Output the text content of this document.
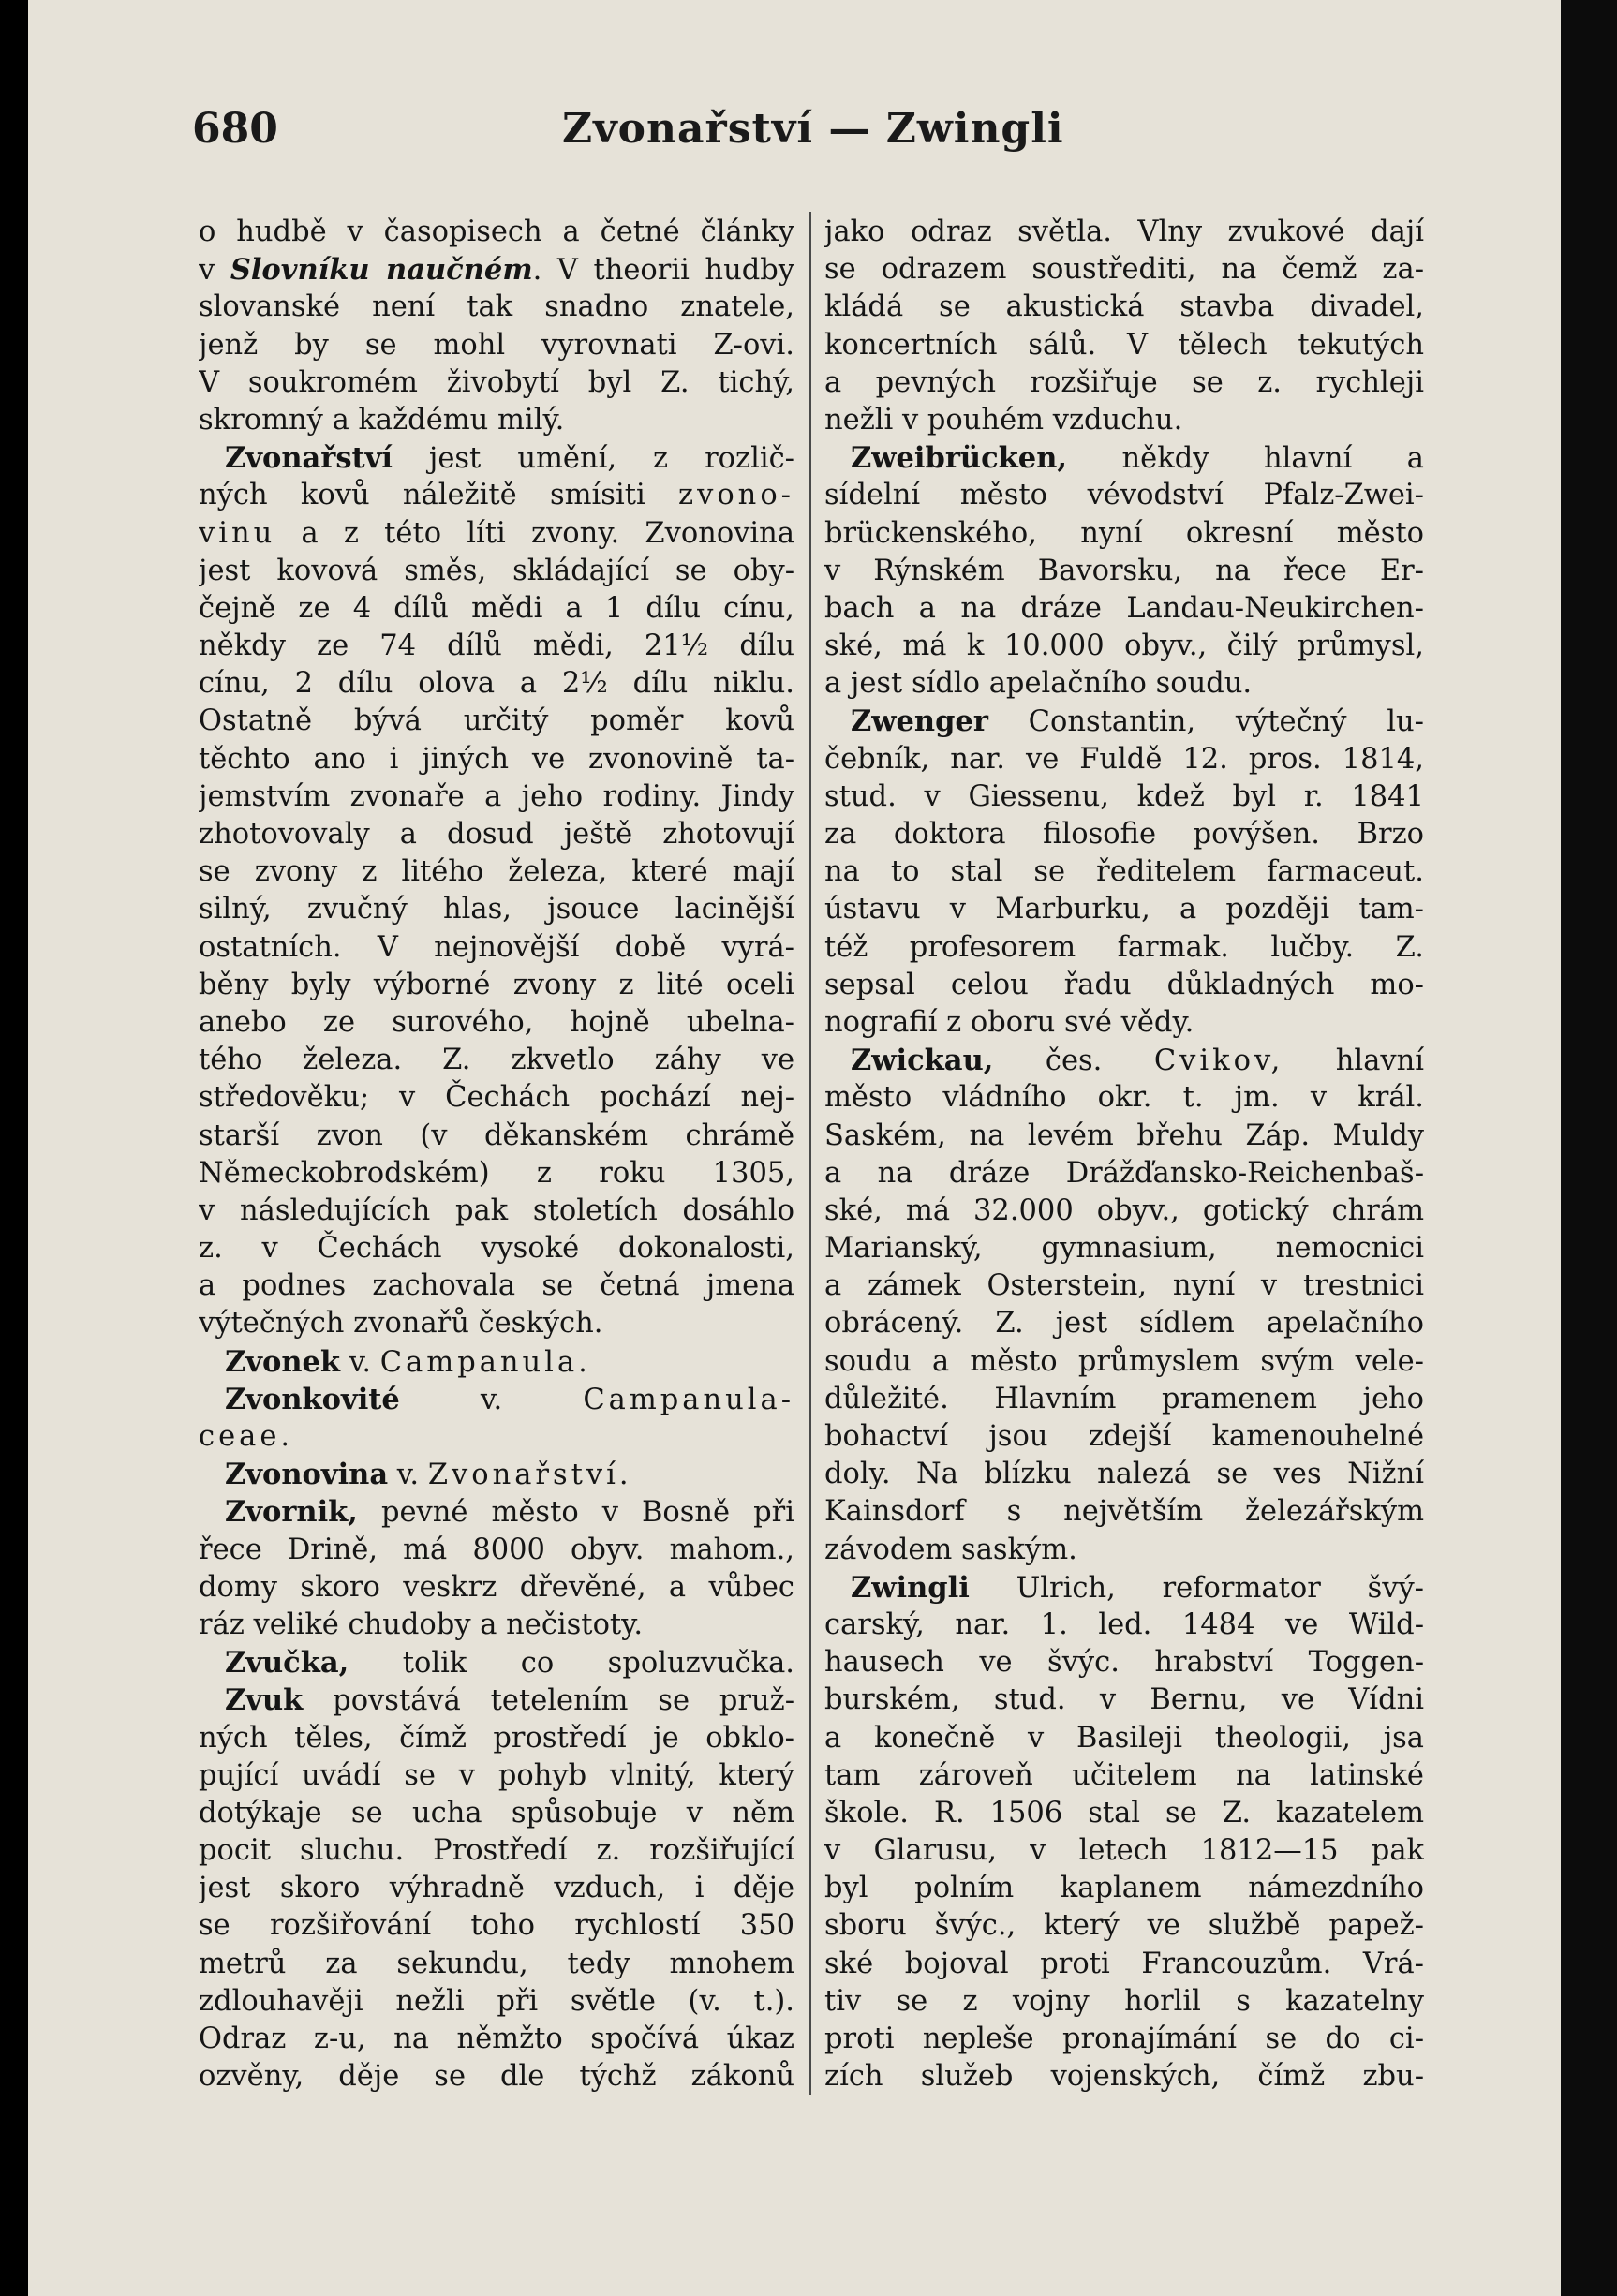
680	Zvonařství — Zwingli
o hudbě v časopisech a četné články
v Slovníku naučném. V theorii hudby
slovanské není tak snadno znatele,
jenž by se mohl vyrovnati Z-ovi.
V soukromém živobytí byl Z. tichý,
skromný a každému milý.
Zvonařství jest umění, z rozlič-
ných kovů náležitě smísiti zvono-
vinu a z této líti zvony. Zvonovina
jest kovová směs, skládající se oby-
čejně ze 4 dílů mědi a 1 dílu cínu,
někdy ze 74 dílů mědi, 21½ dílu
cínu, 2 dílu olova a 2½ dílu niklu.
Ostatně bývá určitý poměr kovů
těchto ano i jiných ve zvonovině ta-
jemstvím zvonaře a jeho rodiny. Jindy
zhotovovaly a dosud ještě zhotovují
se zvony z litého železa, které mají
silný, zvučný hlas, jsouce lacinější
ostatních. V nejnovější době vyrá-
běny byly výborné zvony z lité oceli
anebo ze surového, hojně ubelna-
tého železa. Z. zkvetlo záhy ve
středověku; v Čechách pochází nej-
starší zvon (v děkanském chrámě
Německobrodském) z roku 1305,
v následujících pak stoletích dosáhlo
z. v Čechách vysoké dokonalosti,
a podnes zachovala se četná jmena
výtečných zvonařů českých.
Zvonek v. Campanula.
Zvonkovité v. Campanula-
ceae.
Zvonovina v. Zvonařství.
Zvornik, pevné město v Bosně při
řece Drině, má 8000 obyv. mahom.,
domy skoro veskrz dřevěné, a vůbec
ráz veliké chudoby a nečistoty.
Zvučka, tolik co spoluzvučka.
Zvuk povstává tetelením se pruž-
ných těles, čímž prostředí je obklo-
pující uvádí se v pohyb vlnitý, který
dotýkaje se ucha spůsobuje v něm
pocit sluchu. Prostředí z. rozšiřující
jest skoro výhradně vzduch, i děje
se rozšiřování toho rychlostí 350
metrů za sekundu, tedy mnohem
zdlouhavěji nežli při světle (v. t.).
Odraz z-u, na němžto spočívá úkaz
ozvěny, děje se dle týchž zákonů
jako odraz světla. Vlny zvukové dají
se odrazem soustřediti, na čemž za-
kládá se akustická stavba divadel,
koncertních sálů. V tělech tekutých
a pevných rozšiřuje se z. rychleji
nežli v pouhém vzduchu.
Zweibrücken, někdy hlavní a
sídelní město vévodství Pfalz-Zwei-
brückenského, nyní okresní město
v Rýnském Bavorsku, na řece Er-
bach a na dráze Landau-Neukirchen-
ské, má k 10.000 obyv., čilý průmysl,
a jest sídlo apelačního soudu.
Zwenger Constantin, výtečný lu-
čebník, nar. ve Fuldě 12. pros. 1814,
stud. v Giessenu, kdež byl r. 1841
za doktora filosofie povýšen. Brzo
na to stal se ředitelem farmaceut.
ústavu v Marburku, a později tam-
též profesorem farmak. lučby. Z.
sepsal celou řadu důkladných mo-
nografií z oboru své vědy.
Zwickau, čes. Cvikov, hlavní
město vládního okr. t. jm. v král.
Saském, na levém břehu Záp. Muldy
a na dráze Drážďansko-Reichenbaš-
ské, má 32.000 obyv., gotický chrám
Marianský, gymnasium, nemocnici
a zámek Osterstein, nyní v trestnici
obrácený. Z. jest sídlem apelačního
soudu a město průmyslem svým vele-
důležité. Hlavním pramenem jeho
bohactví jsou zdejší kamenouhelné
doly. Na blízku nalezá se ves Nižní
Kainsdorf s největším železářským
závodem saským.
Zwingli Ulrich, reformator švý-
carský, nar. 1. led. 1484 ve Wild-
hausech ve švýc. hrabství Toggen-
burském, stud. v Bernu, ve Vídni
a konečně v Basileji theologii, jsa
tam zároveň učitelem na latinské
škole. R. 1506 stal se Z. kazatelem
v Glarusu, v letech 1812—15 pak
byl polním kaplanem námezdního
sboru švýc., který ve službě papež-
ské bojoval proti Francouzům. Vrá-
tiv se z vojny horlil s kazatelny
proti nepleše pronajímání se do ci-
zích služeb vojenských, čímž zbu-
